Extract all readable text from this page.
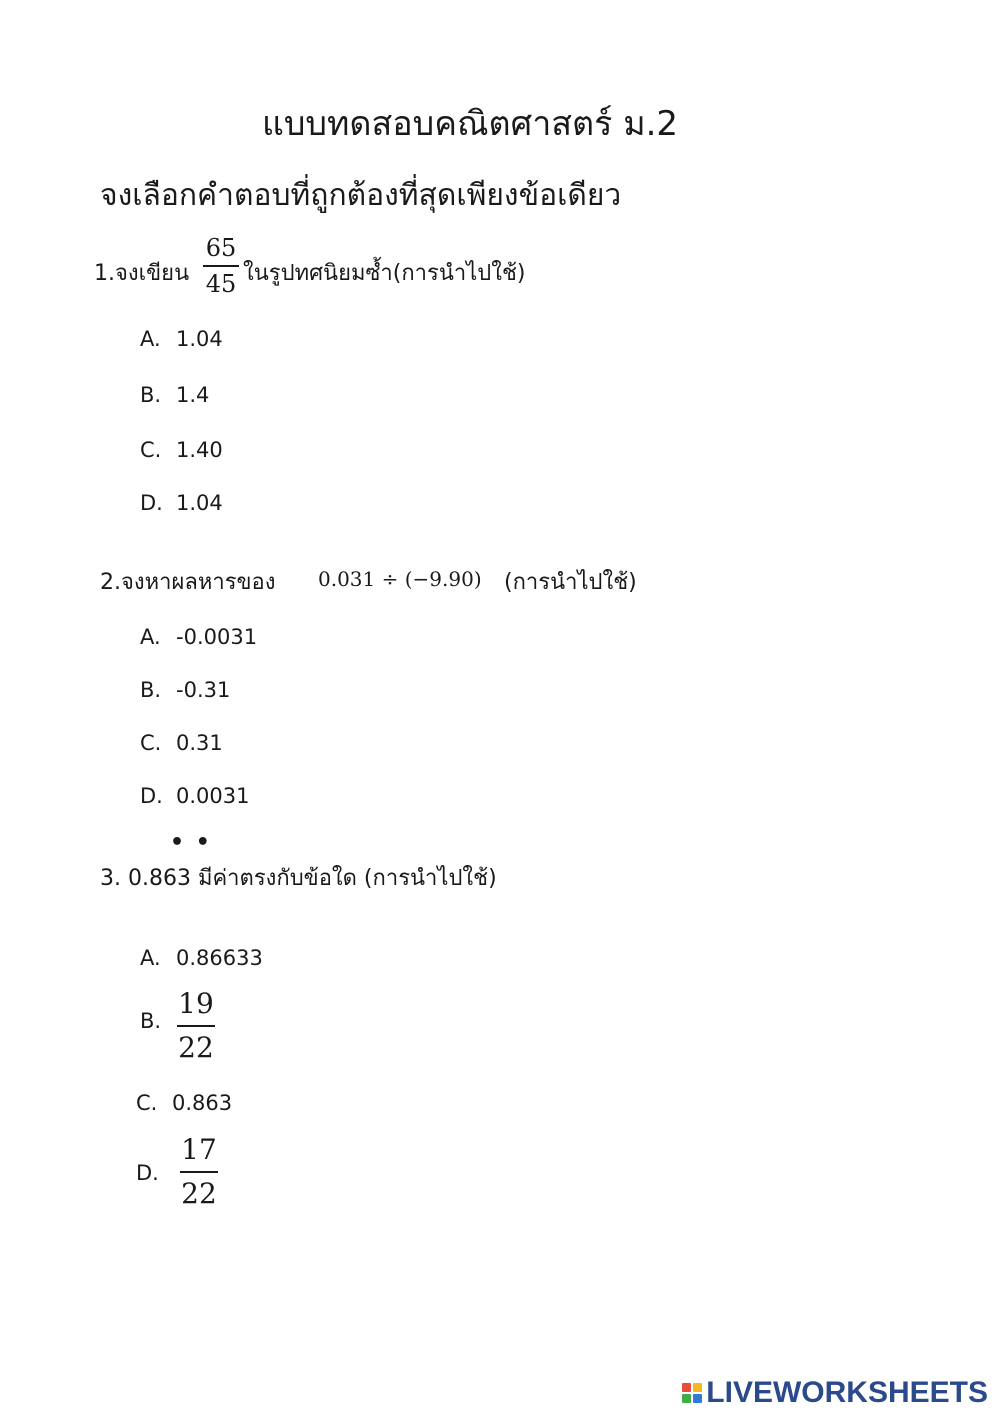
แบบทดสอบคณิตศาสตร์ ม.2
จงเลือกคำตอบที่ถูกต้องที่สุดเพียงข้อเดียว
1.จงเขียน
65
45 ในรูปทศนิยมซ้ำ(การนำไปใช้)
A. 1.04
B. 1.4
C. 1.40
D. 1.04
2.จงหาผลหารของ 0.031 ÷ (−9.90) (การนำไปใช้)
A. -0.0031
B. -0.31
C. 0.31
D. 0.0031
• •
3. 0.863 มีค่าตรงกับข้อใด (การนำไปใช้)
A. 0.86633
B.
19
22
C. 0.863
D.
17
22
LIVEWORKSHEETS
